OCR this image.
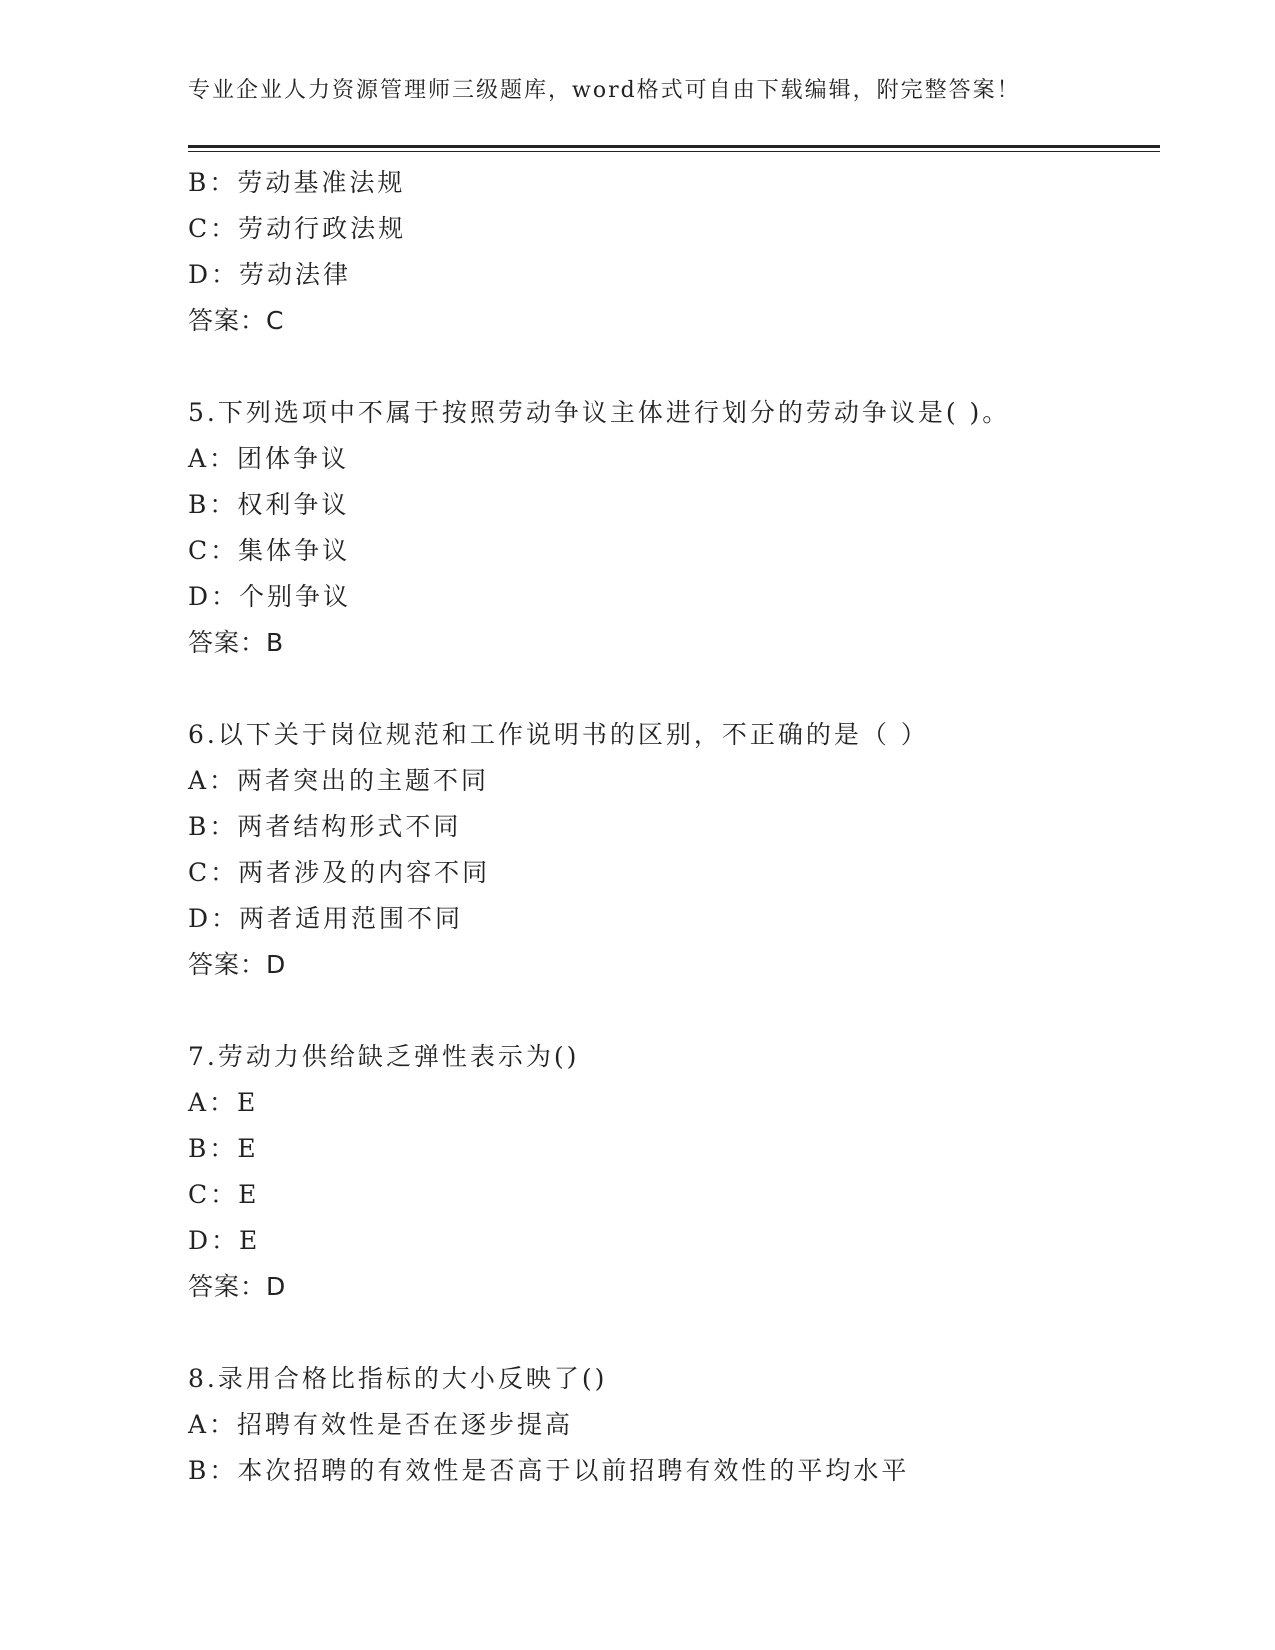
专业企业人力资源管理师三级题库，word格式可自由下载编辑，附完整答案！
B：劳动基准法规
C：劳动行政法规
D：劳动法律
答案：C
5.下列选项中不属于按照劳动争议主体进行划分的劳动争议是( )。
A：团体争议
B：权利争议
C：集体争议
D：个别争议
答案：B
6.以下关于岗位规范和工作说明书的区别，不正确的是（ ）
A：两者突出的主题不同
B：两者结构形式不同
C：两者涉及的内容不同
D：两者适用范围不同
答案：D
7.劳动力供给缺乏弹性表示为()
A：E
B：E
C：E
D：E
答案：D
8.录用合格比指标的大小反映了()
A：招聘有效性是否在逐步提高
B：本次招聘的有效性是否高于以前招聘有效性的平均水平
